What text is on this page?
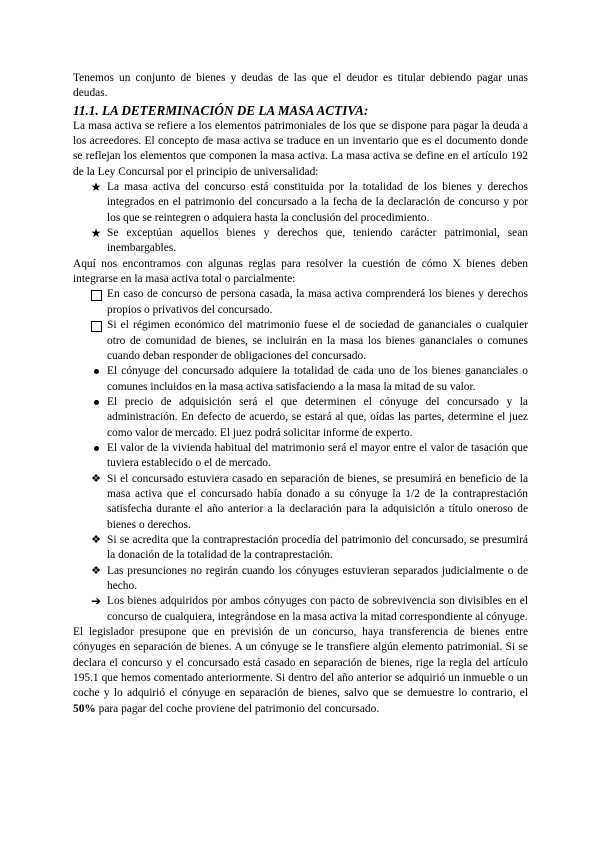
Tenemos un conjunto de bienes y deudas de las que el deudor es titular debiendo pagar unas deudas.

11.1. LA DETERMINACIÓN DE LA MASA ACTIVA:

La masa activa se refiere a los elementos patrimoniales de los que se dispone para pagar la deuda a los acreedores. El concepto de masa activa se traduce en un inventario que es el documento donde se reflejan los elementos que componen la masa activa. La masa activa se define en el artículo 192 de la Ley Concursal por el principio de universalidad:

★ La masa activa del concurso está constituida por la totalidad de los bienes y derechos integrados en el patrimonio del concursado a la fecha de la declaración de concurso y por los que se reintegren o adquiera hasta la conclusión del procedimiento.
★ Se exceptúan aquellos bienes y derechos que, teniendo carácter patrimonial, sean inembargables.

Aquí nos encontramos con algunas reglas para resolver la cuestión de cómo X bienes deben integrarse en la masa activa total o parcialmente:

En caso de concurso de persona casada, la masa activa comprenderá los bienes y derechos propios o privativos del concursado.
Si el régimen económico del matrimonio fuese el de sociedad de gananciales o cualquier otro de comunidad de bienes, se incluirán en la masa los bienes gananciales o comunes cuando deban responder de obligaciones del concursado.
El cónyuge del concursado adquiere la totalidad de cada uno de los bienes gananciales o comunes incluidos en la masa activa satisfaciendo a la masa la mitad de su valor.
El precio de adquisición será el que determinen el cónyuge del concursado y la administración. En defecto de acuerdo, se estará al que, oídas las partes, determine el juez como valor de mercado. El juez podrá solicitar informe de experto.
El valor de la vivienda habitual del matrimonio será el mayor entre el valor de tasación que tuviera establecido o el de mercado.
❖ Si el concursado estuviera casado en separación de bienes, se presumirá en beneficio de la masa activa que el concursado había donado a su cónyuge la 1/2 de la contraprestación satisfecha durante el año anterior a la declaración para la adquisición a título oneroso de bienes o derechos.
❖ Si se acredita que la contraprestación procedía del patrimonio del concursado, se presumirá la donación de la totalidad de la contraprestación.
❖ Las presunciones no regirán cuando los cónyuges estuvieran separados judicialmente o de hecho.
➔ Los bienes adquiridos por ambos cónyuges con pacto de sobrevivencia son divisibles en el concurso de cualquiera, integrándose en la masa activa la mitad correspondiente al cónyuge.

El legislador presupone que en previsión de un concurso, haya transferencia de bienes entre cónyuges en separación de bienes. A un cónyuge se le transfiere algún elemento patrimonial. Si se declara el concurso y el concursado está casado en separación de bienes, rige la regla del artículo 195.1 que hemos comentado anteriormente. Si dentro del año anterior se adquirió un inmueble o un coche y lo adquirió el cónyuge en separación de bienes, salvo que se demuestre lo contrario, el 50% para pagar del coche proviene del patrimonio del concursado.
